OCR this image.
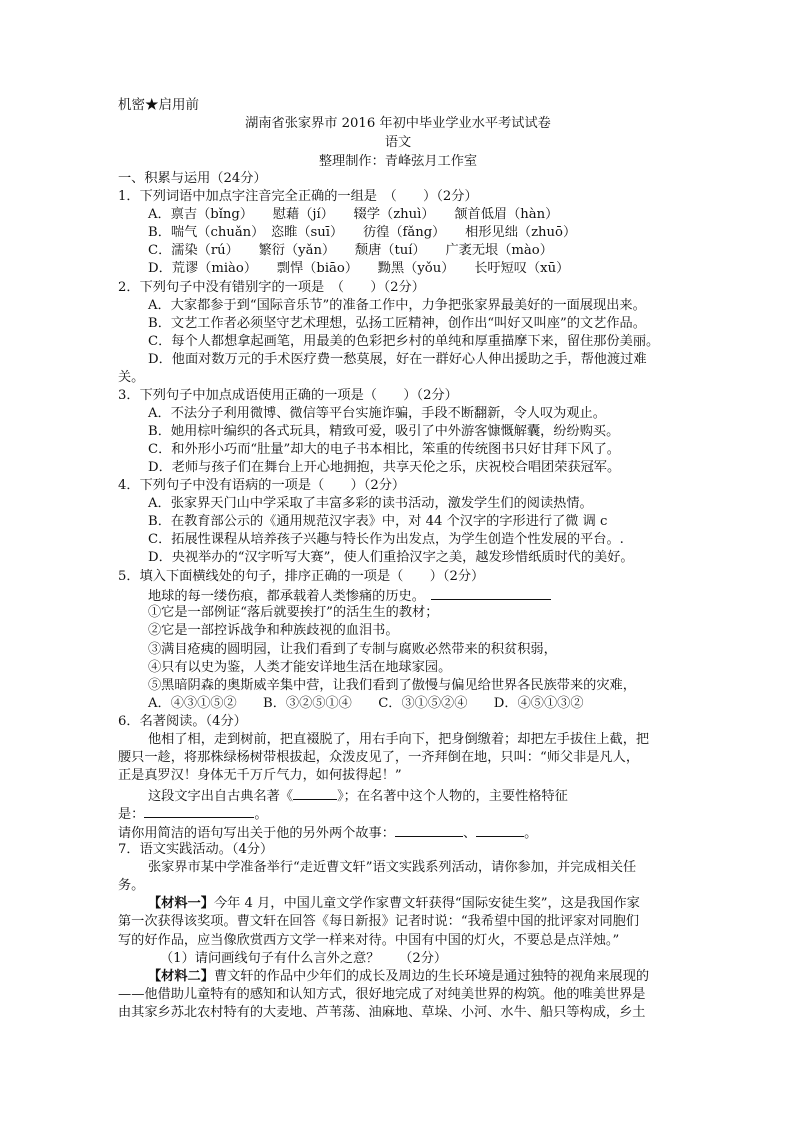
机密★启用前
湖南省张家界市 2016 年初中毕业学业水平考试试卷
语文
整理制作：青峰弦月工作室
一、积累与运用（24分）
1．下列词语中加点字注音完全正确的一组是　（　　）（2分）
A．禀吉（bǐng）　　慰藉（jí）　　辍学（zhuì）　　颔首低眉（hàn）
B．喘气（chuǎn）　恣睢（suī）　　彷徨（fǎng）　　相形见绌（zhuō）
C．濡染（rú）　　繁衍（yǎn）　　颓唐（tuí）　　广袤无垠（mào）
D．荒谬（miào）　　剽悍（biāo）　　黝黑（yǒu）　　长吁短叹（xū）
2．下列句子中没有错别字的一项是　（　　）（2分）
A．大家都参于到“国际音乐节”的准备工作中，力争把张家界最美好的一面展现出来。
B．文艺工作者必须坚守艺术理想，弘扬工匠精神，创作出“叫好又叫座”的文艺作品。
C．每个人都想拿起画笔，用最美的色彩把乡村的单纯和厚重描摩下来，留住那份美丽。
D．他面对数万元的手术医疗费一愁莫展，好在一群好心人伸出援助之手，帮他渡过难
关。
3．下列句子中加点成语使用正确的一项是（　　）（2分）
A．不法分子利用微博、微信等平台实施诈骗，手段不断翻新，令人叹为观止。
B．她用棕叶编织的各式玩具，精致可爱，吸引了中外游客慷慨解囊，纷纷购买。
C．和外形小巧而“肚量”却大的电子书本相比，笨重的传统图书只好甘拜下风了。
D．老师与孩子们在舞台上开心地拥抱，共享天伦之乐，庆祝校合唱团荣获冠军。
4．下列句子中没有语病的一项是（　　）（2分）
A．张家界天门山中学采取了丰富多彩的读书活动，激发学生们的阅读热情。
B．在教育部公示的《通用规范汉字表》中，对 44 个汉字的字形进行了微 调 c
C．拓展性课程从培养孩子兴趣与特长作为出发点，为学生创造个性发展的平台。.
D．央视举办的“汉字听写大赛”，使人们重拾汉字之美，越发珍惜纸质时代的美好。
5．填入下面横线处的句子，排序正确的一项是（　　）（2分）
地球的每一缕伤痕，都承载着人类惨痛的历史。
①它是一部例证“落后就要挨打”的活生生的教材；
②它是一部控诉战争和种族歧视的血泪书。
③满目疮痍的圆明园，让我们看到了专制与腐败必然带来的积贫积弱，
④只有以史为鉴，人类才能安详地生活在地球家园。
⑤黑暗阴森的奥斯威辛集中营，让我们看到了傲慢与偏见给世界各民族带来的灾难，
A．④③①⑤②　　B．③②⑤①④　　C．③①⑤②④　　D．④⑤①③②
6．名著阅读。（4分）
他相了相，走到树前，把直裰脱了，用右手向下，把身倒缴着；却把左手拔住上截，把
腰只一趁，将那株绿杨树带根拔起，众泼皮见了，一齐拜倒在地，只叫：“师父非是凡人，
正是真罗汉！身体无千万斤气力，如何拔得起！”
这段文字出自古典名著《	》；在名著中这个人物的，主要性格特征
是：	。
请你用简洁的语句写出关于他的另外两个故事：	、	。
7．语文实践活动。（4分）
张家界市某中学准备举行“走近曹文轩”语文实践系列活动，请你参加，并完成相关任
务。
【材料一】今年 4 月，中国儿童文学作家曹文轩获得“国际安徒生奖”，这是我国作家
第一次获得该奖项。曹文轩在回答《每日新报》记者时说：“我希望中国的批评家对同胞们
写的好作品，应当像欣赏西方文学一样来对待。中国有中国的灯火，不要总是点洋烛。”
（1）请问画线句子有什么言外之意？　　（2分）
【材料二】曹文轩的作品中少年们的成长及周边的生长环境是通过独特的视角来展现的
——他借助儿童特有的感知和认知方式，很好地完成了对纯美世界的构筑。他的唯美世界是
由其家乡苏北农村特有的大麦地、芦苇荡、油麻地、草垛、小河、水牛、船只等构成，乡土
